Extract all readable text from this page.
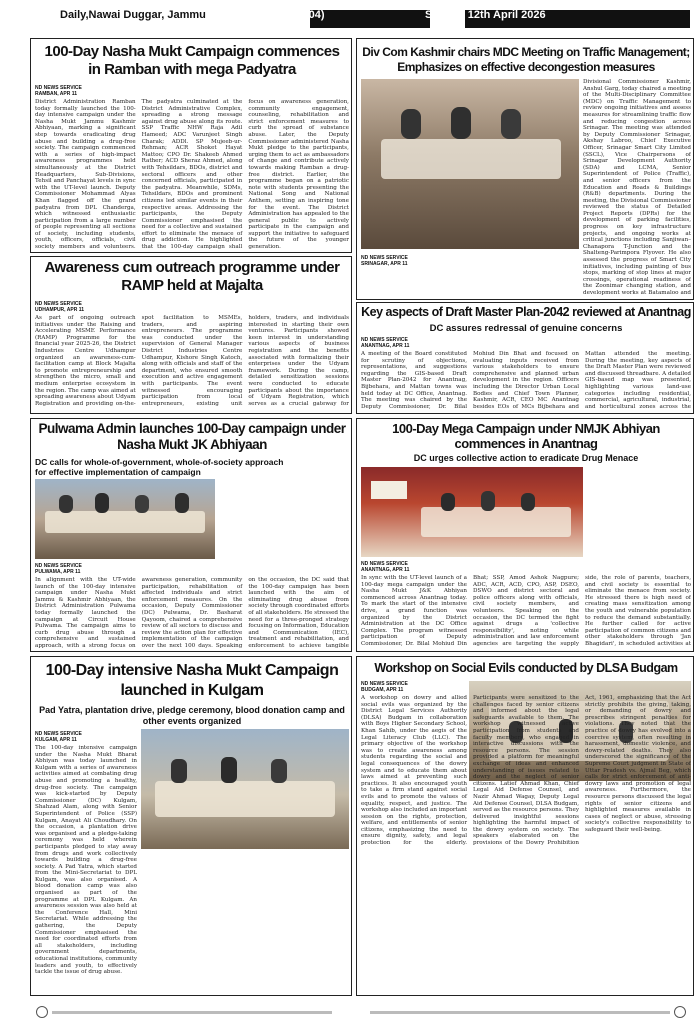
Daily,Nawai Duggar, Jammu	(Page- 04)	Sunday 12th April 2026
100-Day Nasha Mukt Campaign commences in Ramban with mega Padyatra
ND NEWS SERVICE
RAMBAN, APR 11
District Administration Ramban today formally launched the 100-day intensive campaign under the Nasha Mukt Jammu Kashmir Abhiyaan, marking a significant step towards eradicating drug abuse and building a drug-free society. The campaign commenced with a series of high-impact awareness programmes held simultaneously at the District Headquarters, Sub-Divisions, Tehsil and Panchayat levels in sync with the UT-level launch. Deputy Commissioner Mohammad Alyas Khan flagged off the grand padyatra from DPL Chanderga, which witnessed enthusiastic participation from a large number of people representing all sections of society, including students, youth, officers, officials, civil society members and volunteers. The padyatra culminated at the District Administrative Complex, spreading a strong message against drug abuse along its route. SSP Traffic NHW Raja Adil Hameed; ADC Varunjeet Singh Charak; ADDl. SP Mujeeb-ur-Rehman; ACR Shoket Hayat Mattoo; CPO Dr. Shakeeb Ahmed Rather; ACD Sheraz Ahmed, along with Tehsildars, BDOs, district and sectoral officers and other concerned officials, participated in the padyatra. Meanwhile, SDMs, Tehsildars, BDOs and prominent citizens led similar events in their respective areas. Addressing the participants, the Deputy Commissioner emphasised the need for a collective and sustained effort to eliminate the menace of drug addiction. He highlighted that the 100-day campaign shall focus on awareness generation, community engagement, counseling, rehabilitation and strict enforcement measures to curb the spread of substance abuse. Later, the Deputy Commissioner administered Nasha Mukt pledge to the participants, urging them to act as ambassadors of change and contribute actively towards making Ramban a drug-free district. Earlier, the programme began on a patriotic note with students presenting the National Song and National Anthem, setting an inspiring tone for the event. The District Administration has appealed to the general public to actively participate in the campaign and support the initiative to safeguard the future of the younger generation.
Div Com Kashmir chairs MDC Meeting on Traffic Management; Emphasizes on effective decongestion measures
ND NEWS SERVICE
SRINAGAR, APR 11
Divisional Commissioner Kashmir, Anshul Garg, today chaired a meeting of the Multi-Disciplinary Committee (MDC) on Traffic Management to review ongoing initiatives and assess measures for streamlining traffic flow and reducing congestion across Srinagar. The meeting was attended by Deputy Commissioner Srinagar, Akshay Labroo, Chief Executive Officer, Srinagar Smart City Limited (SSCL), Vice Chairpersons of Srinagar Development Authority (SDA) and LCMA, Senior Superintendent of Police (Traffic), and senior officers from the Education and Roads & Buildings (R&B) departments. During the meeting, the Divisional Commissioner reviewed the status of Detailed Project Reports (DPRs) for the development of parking facilities, progress on key infrastructure projects, and ongoing works at critical junctions including Sanjiwan–Chanapora T-Junction and the Shalteng-Parimpora Flyover. He also assessed the progress of Smart City initiatives, including painting of bus stops, marking of stop lines at major crossings, operational readiness of the Zoonimar changing station, and development works at Batamaloo and
Awareness cum outreach programme under RAMP held at Majalta
ND NEWS SERVICE
UDHAMPUR, APR 11
As part of ongoing outreach initiatives under the Raising and Accelerating MSME Performance (RAMP) Programme for the financial year 2025-26, the District Industries Centre Udhampur organized an awareness-cum-facilitation camp at Block Majalta to promote entrepreneurship and strengthen the micro, small and medium enterprise ecosystem in the region. The camp was aimed at spreading awareness about Udyam Registration and providing on-the-spot facilitation to MSMEs, traders, and aspiring entrepreneurs. The programme was conducted under the supervision of General Manager District Industries Centre Udhampur, Kishore Singh Katoch, along with officials and staff of the department, who ensured smooth execution and active engagement with participants. The event witnessed encouraging participation from local entrepreneurs, existing unit holders, traders, and individuals interested in starting their own ventures. Participants showed keen interest in understanding various aspects of business registration and the benefits associated with formalizing their enterprises under the Udyam framework. During the camp, detailed sensitization sessions were conducted to educate participants about the importance of Udyam Registration, which serves as a crucial gateway for
Key aspects of Draft Master Plan-2042 reviewed at Anantnag
DC assures redressal of genuine concerns
ND NEWS SERVICE
ANANTNAG, APR 11
A meeting of the Board constituted for scrutiny of objections, representations, and suggestions regarding the GIS-based Draft Master Plan-2042 for Anantnag, Bijbehara, and Mattan towns was held today at DC Office, Anantnag. The meeting was chaired by the Deputy Commissioner, Dr. Bilal Mohiud Din Bhat and focused on evaluating inputs received from various stakeholders to ensure comprehensive and planned urban development in the region. Officers including the Director Urban Local Bodies and Chief Town Planner, Kashmir, ACR, CEO MC Anantnag besides EOs of MCs Bijbehara and Mattan attended the meeting. During the meeting, key aspects of the Draft Master Plan were reviewed and discussed threadbare. A detailed GIS-based map was presented, highlighting various land-use categories including residential, commercial, agricultural, industrial, and horticultural zones across the
Pulwama Admin launches 100-Day campaign under Nasha Mukt JK Abhiyaan
DC calls for whole-of-government, whole-of-society approach for effective implementation of campaign
ND NEWS SERVICE
PULWAMA, APR 11
In alignment with the UT-wide launch of the 100-day intensive campaign under Nasha Mukt Jammu & Kashmir Abhiyaan, the District Administration Pulwama today formally launched the campaign at Circuit House Pulwama. The campaign aims to curb drug abuse through a comprehensive and sustained approach, with a strong focus on awareness generation, community participation, rehabilitation of affected individuals and strict enforcement measures. On the occasion, Deputy Commissioner (DC) Pulwama, Dr. Basharat Qayoom, chaired a comprehensive review of all sectors to discuss and review the action plan for effective implementation of the campaign over the next 100 days. Speaking on the occasion, the DC said that the 100-day campaign has been launched with the aim of eliminating drug abuse from society through coordinated efforts of all stakeholders. He stressed the need for a three-pronged strategy focusing on Information, Education and Communication (IEC), treatment and rehabilitation, and enforcement to achieve tangible
100-Day Mega Campaign under NMJK Abhiyan commences in Anantnag
DC urges collective action to eradicate Drug Menace
ND NEWS SERVICE
ANANTNAG, APR 11
In sync with the UT-level launch of a 100-day mega campaign under the Nasha Mukt J&K Abhiyan commenced across Anantnag today. To mark the start of the intensive drive, a grand function was organized by the District Administration at the DC Office Complex. The program witnessed participation of Deputy Commissioner, Dr. Bilal Mohiud Din Bhat; SSP, Amod Ashok Nagpure; ADC, ACR, ACD, CPO, ASP, DSEO, DSWO and district sectoral and police officers along with officials, civil society members, and volunteers. Speaking on the occasion, the DC termed the fight against drugs a 'collective responsibility', noting while administration and law enforcement agencies are targeting the supply side, the role of parents, teachers, and civil society is essential to eliminate the menace from society. He stressed there is high need of creating mass sensitization among the youth and vulnerable population to reduce the demand substantially. He further called for active participation of common citizens and other stakeholders through 'Jan Bhagidari', in scheduled activities at
100-Day intensive Nasha Mukt Campaign launched in Kulgam
Pad Yatra, plantation drive, pledge ceremony, blood donation camp and other events organized
ND NEWS SERVICE
KULGAM, APR 11
The 100-day intensive campaign under the Nasha Mukt Bharat Abhiyan was today launched in Kulgam with a series of awareness activities aimed at combating drug abuse and promoting a healthy, drug-free society. The campaign was kick-started by Deputy Commissioner (DC) Kulgam, Shahzad Alam, along with Senior Superintendent of Police (SSP) Kulgam, Anayat Ali Choudhary. On the occasion, a plantation drive was organised and a pledge-taking ceremony was held wherein participants pledged to stay away from drugs and work collectively towards building a drug-free society. A Pad Yatra, which started from the Mini-Secretariat to DPL Kulgam, was also organised. A blood donation camp was also organised as part of the programme at DPL Kulgam. An awareness session was also held at the Conference Hall, Mini Secretariat. While addressing the gathering, the Deputy Commissioner emphasised the need for coordinated efforts from all stakeholders, including government departments, educational institutions, community leaders and youth, to effectively tackle the issue of drug abuse.
Workshop on Social Evils conducted by DLSA Budgam
ND NEWS SERVICE
BUDGAM, APR 11
A workshop on dowry and allied social evils was organized by the District Legal Services Authority (DLSA) Budgam in collaboration with Boys Higher Secondary School, Khan Sahib, under the aegis of the Legal Literacy Club (LLC). The primary objective of the workshop was to create awareness among students regarding the social and legal consequences of the dowry system and to educate them about laws aimed at preventing such practices. It also encouraged youth to take a firm stand against social evils and to promote the values of equality, respect, and justice. The workshop also included an important session on the rights, protection, welfare, and entitlements of senior citizens, emphasizing the need to ensure dignity, safety, and legal protection for the elderly. Participants were sensitized to the challenges faced by senior citizens and informed about the legal safeguards available to them. The workshop witnessed active participation from students and faculty members, who engaged in interactive discussions with the resource persons. The session provided a platform for meaningful exchange of ideas and enhanced understanding of issues related to dowry and the neglect of senior citizens. Latief Ahmad Khan, Chief Legal Aid Defense Counsel, and Nazir Ahmad Wagay, Deputy Legal Aid Defense Counsel, DLSA Budgam, served as the resource persons. They delivered insightful sessions highlighting the harmful impact of the dowry system on society. The speakers elaborated on the provisions of the Dowry Prohibition Act, 1961, emphasizing that the Act strictly prohibits the giving, taking, or demanding of dowry and prescribes stringent penalties for violations. They noted that the practice of dowry has evolved into a coercive system, often resulting in harassment, domestic violence, and dowry-related deaths. They also underscored the significance of the Supreme Court judgment in State of Uttar Pradesh vs. Ajmal Beg, which calls for strict enforcement of anti-dowry laws and promotion of legal awareness. Furthermore, the resource persons discussed the legal rights of senior citizens and highlighted measures available in cases of neglect or abuse, stressing society's collective responsibility to safeguard their well-being.
